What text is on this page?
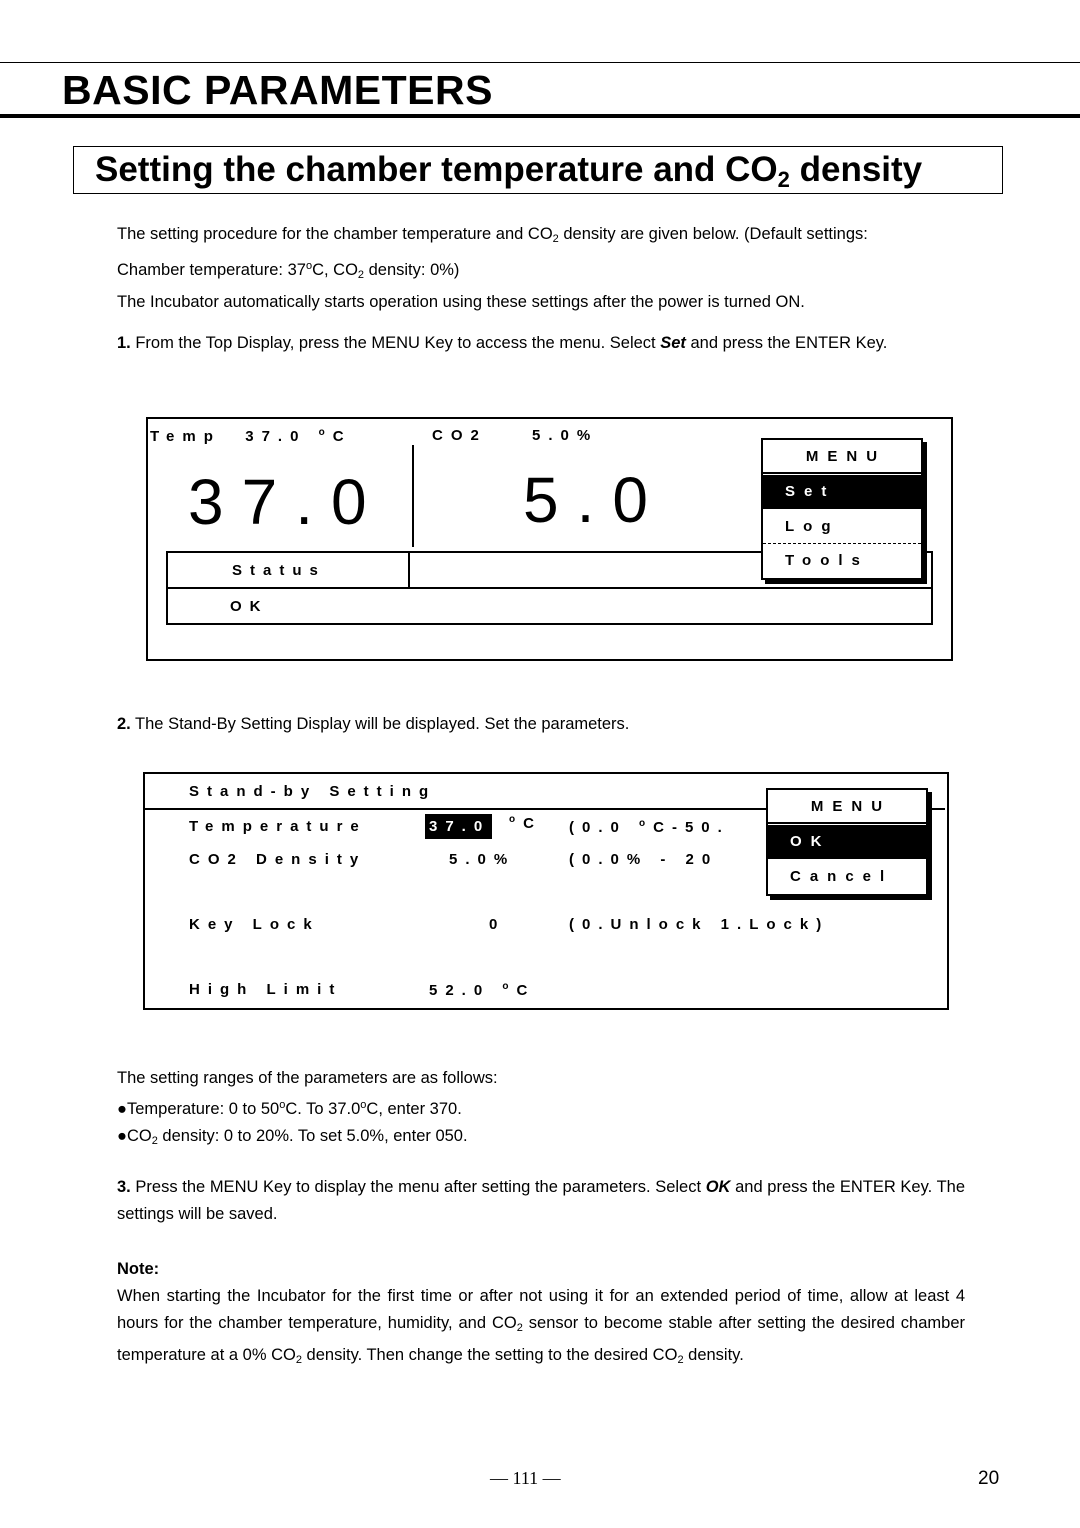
BASIC PARAMETERS
Setting the chamber temperature and $CO_2$ density
The setting procedure for the chamber temperature and $CO_2$ density are given below. (Default settings:
Chamber temperature: 37$^o$C, $CO_2$ density: 0%)
The Incubator automatically starts operation using these settings after the power is turned ON.
1. From the Top Display, press the MENU Key to access the menu. Select Set and press the ENTER Key.
Temp  37.0 $^o$C	CO2	5.0%
37.0 5.0
Status
OK
MENU
Set
Log
Tools
2. The Stand-By Setting Display will be displayed. Set the parameters.
Stand-by Setting
Temperature	37.0 $^o$C (0.0 $^o$C-50.
CO2 Density	5.0%	(0.0% - 20
Key Lock	0	(0.Unlock 1.Lock)
High Limit	52.0 $^o$C
MENU
OK
Cancel
The setting ranges of the parameters are as follows:
●Temperature: 0 to 50$^o$C. To 37.0$^o$C, enter 370.
$●CO_2$ density: 0 to 20%. To set 5.0%, enter 050.
3. Press the MENU Key to display the menu after setting the parameters. Select OK and press the ENTER Key. The settings will be saved.
Note:
When starting the Incubator for the first time or after not using it for an extended period of time, allow at least 4 hours for the chamber temperature, humidity, and $CO_2$ sensor to become stable after setting the desired chamber temperature at a 0% $CO_2$ density. Then change the setting to the desired $CO_2$ density.
— 111 —	20
